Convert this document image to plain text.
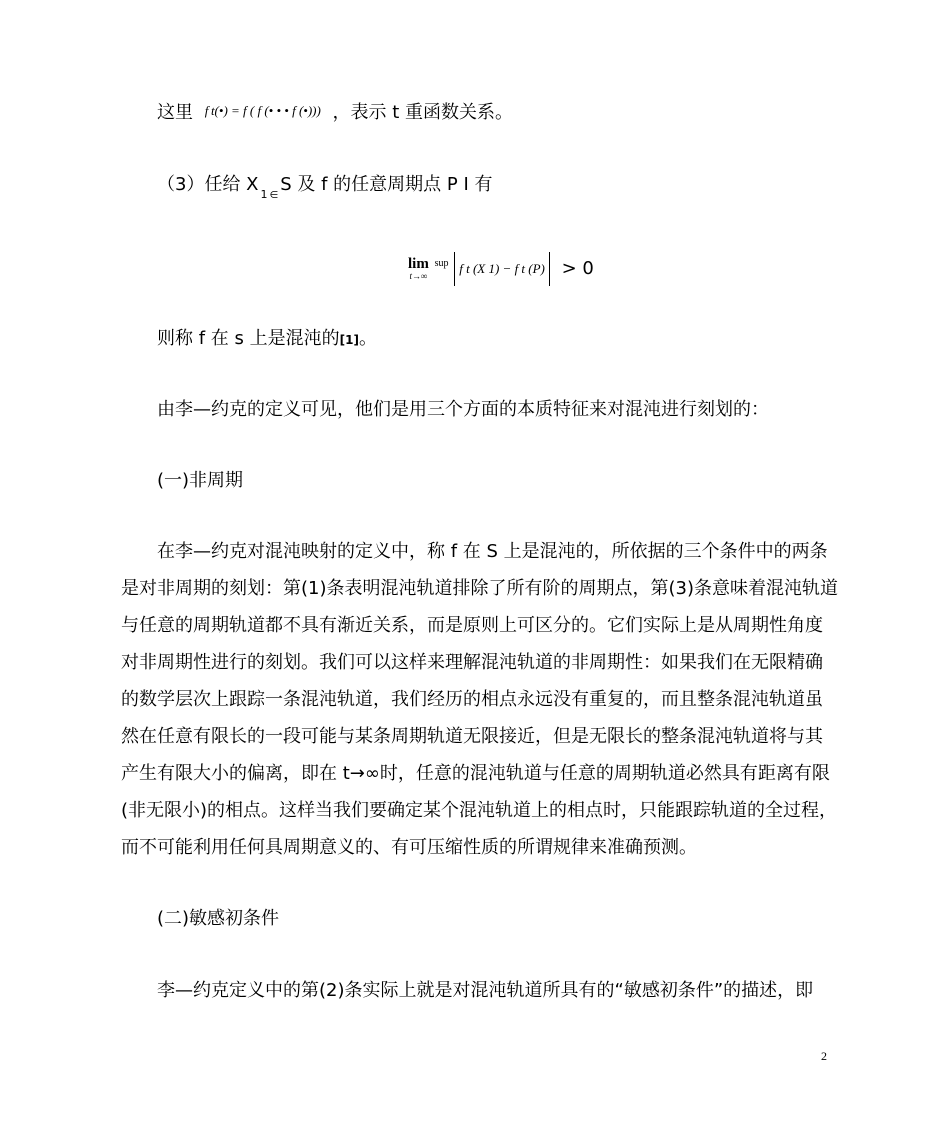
这里 f t(•) = f ( f (• • • f (•))) ，表示 t 重函数关系。
（3）任给 X $_1$ $_\in$S 及 f 的任意周期点 P I 有
lim
t→∞
$^{sup}$ f t (X 1) − f t (P) > 0
则称 f 在 s 上是混沌的[1]。
由李—约克的定义可见，他们是用三个方面的本质特征来对混沌进行刻划的：
(一)非周期
在李—约克对混沌映射的定义中，称 f 在 S 上是混沌的，所依据的三个条件中的两条
是对非周期的刻划：第(1)条表明混沌轨道排除了所有阶的周期点，第(3)条意味着混沌轨道
与任意的周期轨道都不具有渐近关系，而是原则上可区分的。它们实际上是从周期性角度
对非周期性进行的刻划。我们可以这样来理解混沌轨道的非周期性：如果我们在无限精确
的数学层次上跟踪一条混沌轨道，我们经历的相点永远没有重复的，而且整条混沌轨道虽
然在任意有限长的一段可能与某条周期轨道无限接近，但是无限长的整条混沌轨道将与其
产生有限大小的偏离，即在 t→∞时，任意的混沌轨道与任意的周期轨道必然具有距离有限
(非无限小)的相点。这样当我们要确定某个混沌轨道上的相点时，只能跟踪轨道的全过程，
而不可能利用任何具周期意义的、有可压缩性质的所谓规律来准确预测。
(二)敏感初条件
李—约克定义中的第(2)条实际上就是对混沌轨道所具有的“敏感初条件”的描述，即
2
